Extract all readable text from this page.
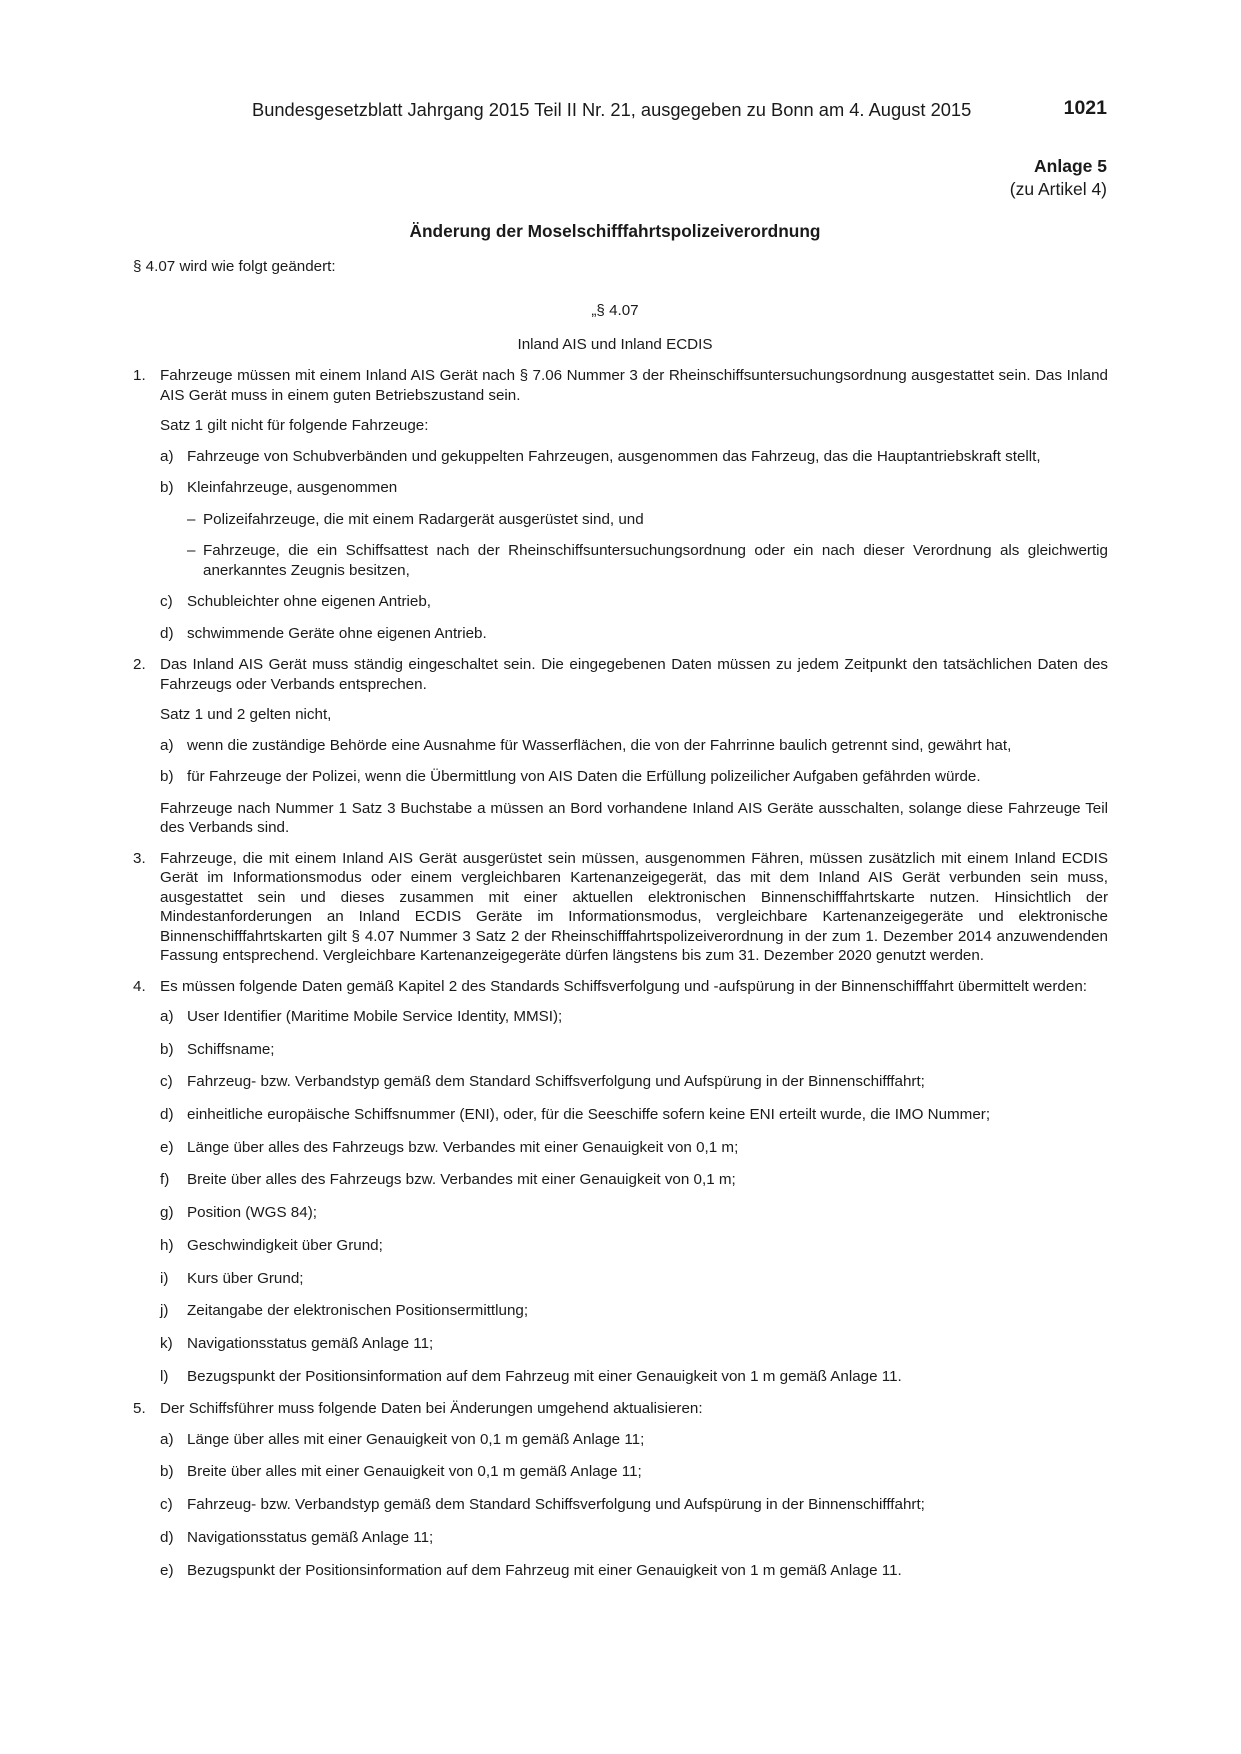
Bundesgesetzblatt Jahrgang 2015 Teil II Nr. 21, ausgegeben zu Bonn am 4. August 2015	1021
Anlage 5
(zu Artikel 4)
Änderung der Moselschifffahrtspolizeiverordnung
§ 4.07 wird wie folgt geändert:
„§ 4.07
Inland AIS und Inland ECDIS
1. Fahrzeuge müssen mit einem Inland AIS Gerät nach § 7.06 Nummer 3 der Rheinschiffsuntersuchungsordnung ausgestattet sein. Das Inland AIS Gerät muss in einem guten Betriebszustand sein.
Satz 1 gilt nicht für folgende Fahrzeuge:
a) Fahrzeuge von Schubverbänden und gekuppelten Fahrzeugen, ausgenommen das Fahrzeug, das die Hauptantriebskraft stellt,
b) Kleinfahrzeuge, ausgenommen
– Polizeifahrzeuge, die mit einem Radargerät ausgerüstet sind, und
– Fahrzeuge, die ein Schiffsattest nach der Rheinschiffsuntersuchungsordnung oder ein nach dieser Verordnung als gleichwertig anerkanntes Zeugnis besitzen,
c) Schubleichter ohne eigenen Antrieb,
d) schwimmende Geräte ohne eigenen Antrieb.
2. Das Inland AIS Gerät muss ständig eingeschaltet sein. Die eingegebenen Daten müssen zu jedem Zeitpunkt den tatsächlichen Daten des Fahrzeugs oder Verbands entsprechen.
Satz 1 und 2 gelten nicht,
a) wenn die zuständige Behörde eine Ausnahme für Wasserflächen, die von der Fahrrinne baulich getrennt sind, gewährt hat,
b) für Fahrzeuge der Polizei, wenn die Übermittlung von AIS Daten die Erfüllung polizeilicher Aufgaben gefährden würde.
Fahrzeuge nach Nummer 1 Satz 3 Buchstabe a müssen an Bord vorhandene Inland AIS Geräte ausschalten, solange diese Fahrzeuge Teil des Verbands sind.
3. Fahrzeuge, die mit einem Inland AIS Gerät ausgerüstet sein müssen, ausgenommen Fähren, müssen zusätzlich mit einem Inland ECDIS Gerät im Informationsmodus oder einem vergleichbaren Kartenanzeigegerät, das mit dem Inland AIS Gerät verbunden sein muss, ausgestattet sein und dieses zusammen mit einer aktuellen elektronischen Binnenschifffahrtskarte nutzen. Hinsichtlich der Mindestanforderungen an Inland ECDIS Geräte im Informationsmodus, vergleichbare Kartenanzeigegeräte und elektronische Binnenschifffahrtskarten gilt § 4.07 Nummer 3 Satz 2 der Rheinschifffahrtspolizeiverordnung in der zum 1. Dezember 2014 anzuwendenden Fassung entsprechend. Vergleichbare Kartenanzeigegeräte dürfen längstens bis zum 31. Dezember 2020 genutzt werden.
4. Es müssen folgende Daten gemäß Kapitel 2 des Standards Schiffsverfolgung und -aufspürung in der Binnenschifffahrt übermittelt werden:
a) User Identifier (Maritime Mobile Service Identity, MMSI);
b) Schiffsname;
c) Fahrzeug- bzw. Verbandstyp gemäß dem Standard Schiffsverfolgung und Aufspürung in der Binnenschifffahrt;
d) einheitliche europäische Schiffsnummer (ENI), oder, für die Seeschiffe sofern keine ENI erteilt wurde, die IMO Nummer;
e) Länge über alles des Fahrzeugs bzw. Verbandes mit einer Genauigkeit von 0,1 m;
f) Breite über alles des Fahrzeugs bzw. Verbandes mit einer Genauigkeit von 0,1 m;
g) Position (WGS 84);
h) Geschwindigkeit über Grund;
i) Kurs über Grund;
j) Zeitangabe der elektronischen Positionsermittlung;
k) Navigationsstatus gemäß Anlage 11;
l) Bezugspunkt der Positionsinformation auf dem Fahrzeug mit einer Genauigkeit von 1 m gemäß Anlage 11.
5. Der Schiffsführer muss folgende Daten bei Änderungen umgehend aktualisieren:
a) Länge über alles mit einer Genauigkeit von 0,1 m gemäß Anlage 11;
b) Breite über alles mit einer Genauigkeit von 0,1 m gemäß Anlage 11;
c) Fahrzeug- bzw. Verbandstyp gemäß dem Standard Schiffsverfolgung und Aufspürung in der Binnenschifffahrt;
d) Navigationsstatus gemäß Anlage 11;
e) Bezugspunkt der Positionsinformation auf dem Fahrzeug mit einer Genauigkeit von 1 m gemäß Anlage 11.
